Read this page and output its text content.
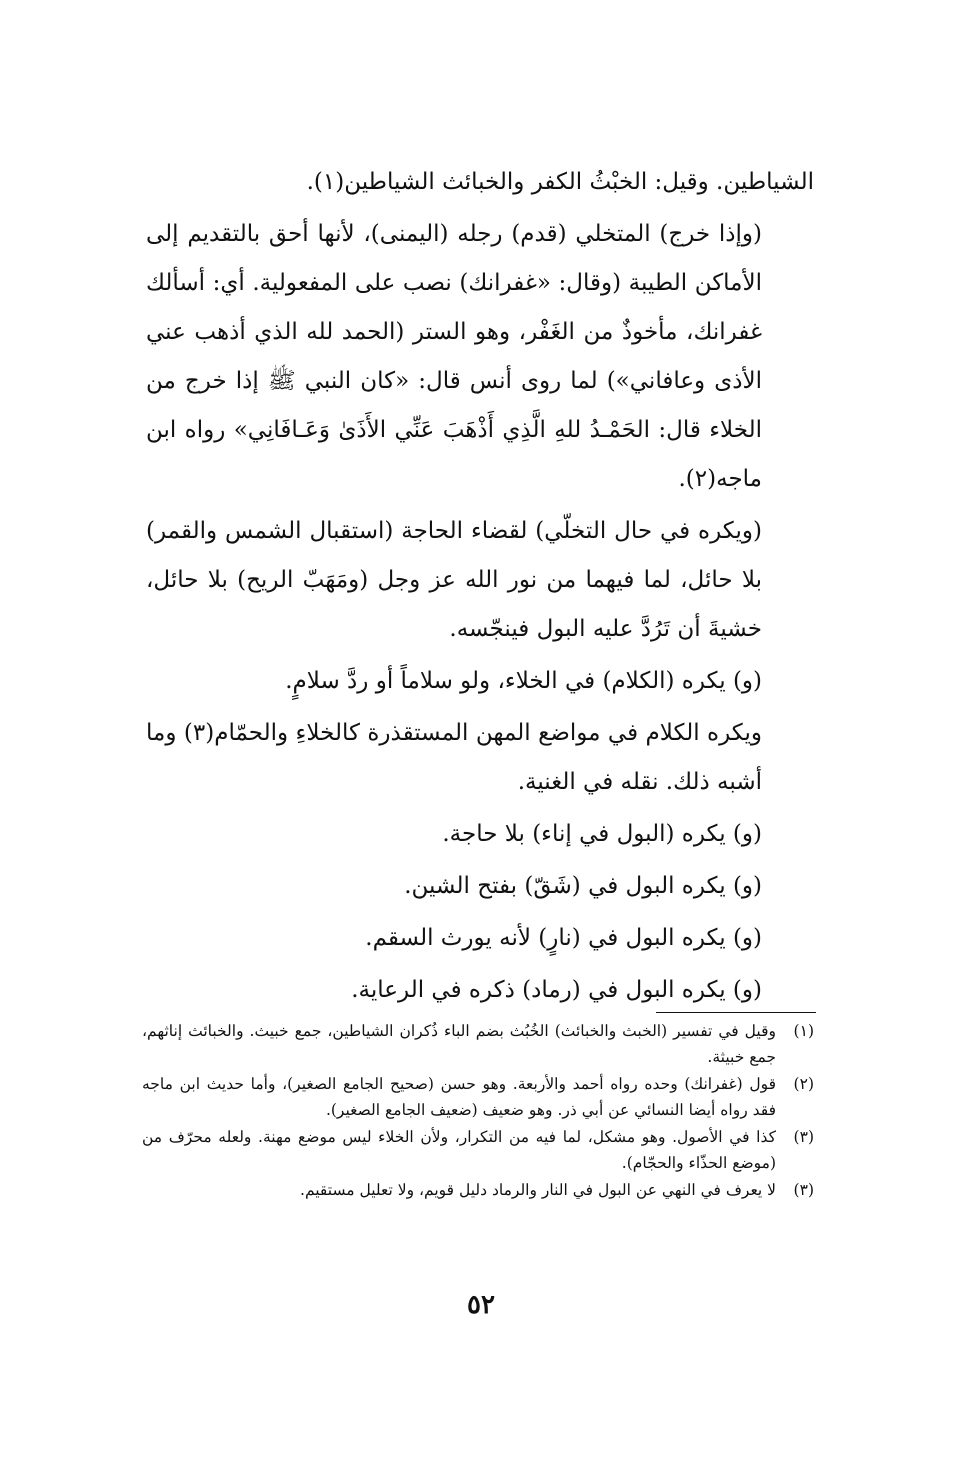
الشياطين. وقيل: الخبْثُ الكفر والخبائث الشياطين(١).

(وإذا خرج) المتخلي (قدم) رجله (اليمنى)، لأنها أحق بالتقديم إلى الأماكن الطيبة (وقال: «غفرانك) نصب على المفعولية. أي: أسألك غفرانك، مأخوذٌ من الغَفْر، وهو الستر (الحمد لله الذي أذهب عني الأذى وعافاني») لما روى أنس قال: «كان النبي ﷺ إذا خرج من الخلاء قال: الحَمْـدُ للهِ الَّذِي أَذْهَبَ عَنِّي الأَذَىٰ وَعَـافَانِي» رواه ابن ماجه(٢).

(ويكره في حال التخلّي) لقضاء الحاجة (استقبال الشمس والقمر) بلا حائل، لما فيهما من نور الله عز وجل (ومَهَبّ الريح) بلا حائل، خشيةَ أن تَرُدَّ عليه البول فينجّسه.

(و) يكره (الكلام) في الخلاء، ولو سلاماً أو ردَّ سلامٍ.

ويكره الكلام في مواضع المهن المستقذرة كالخلاءِ والحمّام(٣) وما أشبه ذلك. نقله في الغنية.

(و) يكره (البول في إناء) بلا حاجة.

(و) يكره البول في (شَقّ) بفتح الشين.

(و) يكره البول في (نارٍ) لأنه يورث السقم.

(و) يكره البول في (رماد) ذكره في الرعاية.

(١)
وقيل في تفسير (الخبث والخبائث) الخُبُث بضم الباء ذُكران الشياطين، جمع خبيث. والخبائث إناثهم، جمع خبيثة.

(٢)
قول (غفرانك) وحده رواه أحمد والأربعة. وهو حسن (صحيح الجامع الصغير)، وأما حديث ابن ماجه فقد رواه أيضا النسائي عن أبي ذر. وهو ضعيف (ضعيف الجامع الصغير).

(٣)
كذا في الأصول. وهو مشكل، لما فيه من التكرار، ولأن الخلاء ليس موضع مهنة. ولعله محرّف من (موضع الحذّاء والحجّام).

(٣)
لا يعرف في النهي عن البول في النار والرماد دليل قويم، ولا تعليل مستقيم.

٥٢
